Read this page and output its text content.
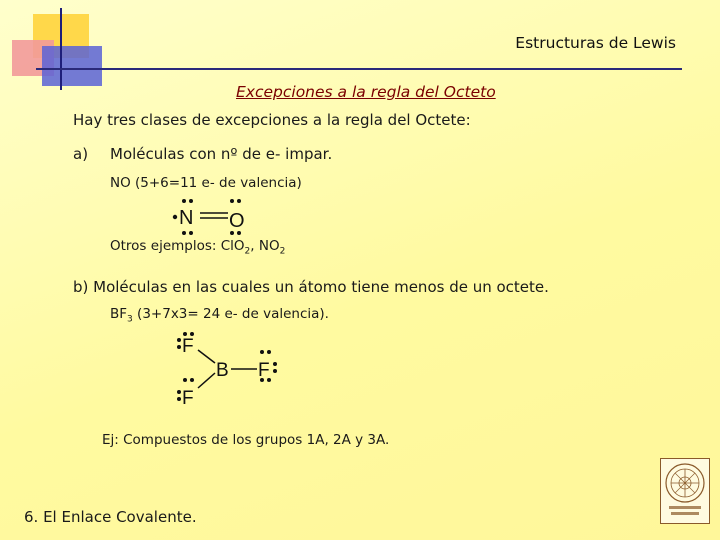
Estructuras de Lewis
Excepciones a la regla del Octeto
Hay tres clases de excepciones a la regla del Octete:
a) Moléculas con nº de e- impar.
NO (5+6=11 e- de valencia)
N O
Otros ejemplos: ClO$_2$, $NO_2$
b) Moléculas en las cuales un átomo tiene menos de un octete.
$BF_3$ (3+7x3= 24 e- de valencia).
F
B F
F
Ej: Compuestos de los grupos 1A, 2A y 3A.
6. El Enlace Covalente.
